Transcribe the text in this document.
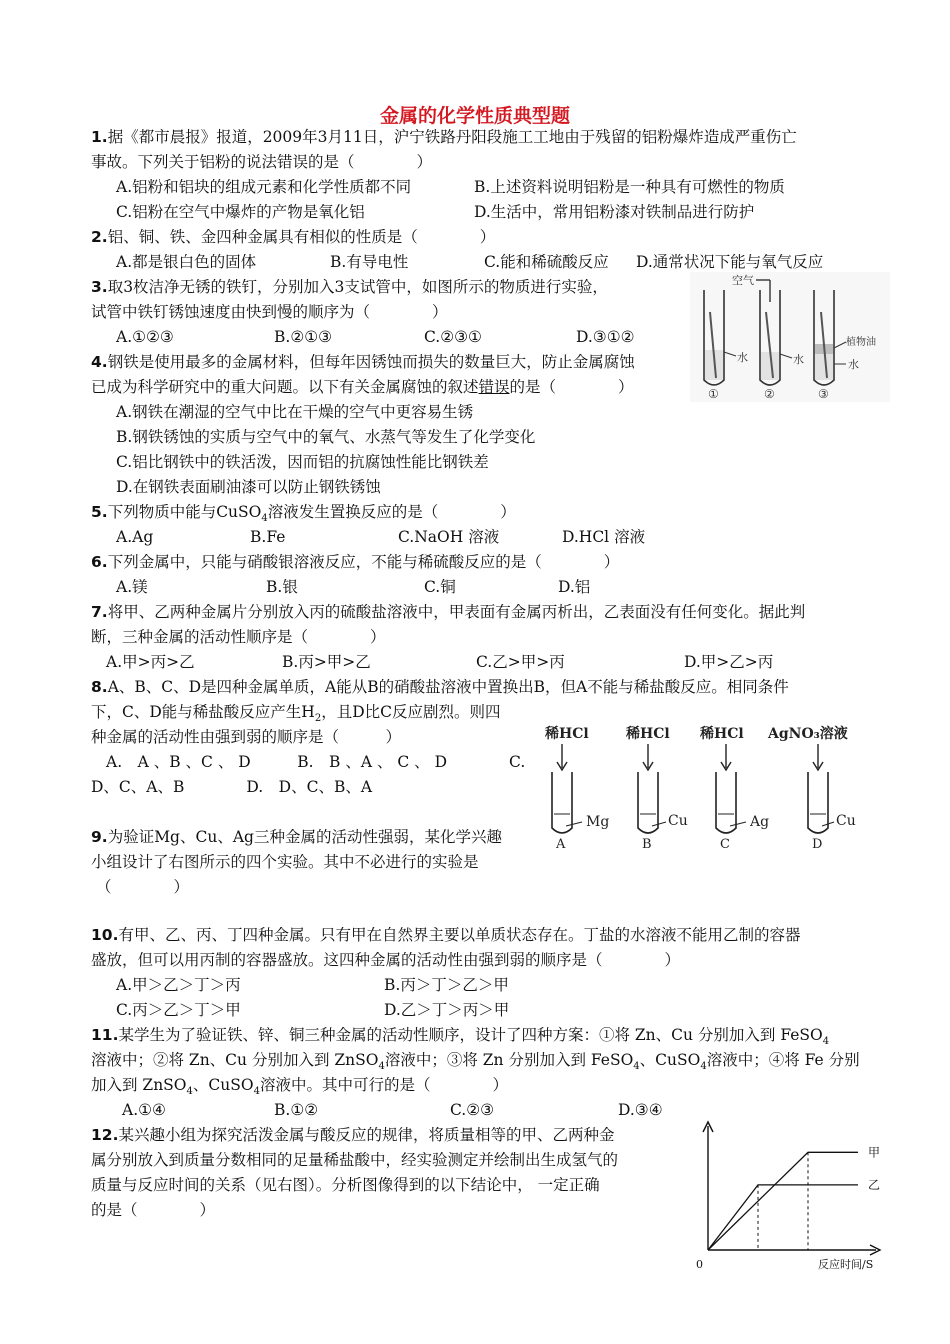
金属的化学性质典型题
1.据《都市晨报》报道，2009年3月11日，沪宁铁路丹阳段施工工地由于残留的铝粉爆炸造成严重伤亡
事故。下列关于铝粉的说法错误的是（　　　　）
A.铝粉和铝块的组成元素和化学性质都不同	B.上述资料说明铝粉是一种具有可燃性的物质
C.铝粉在空气中爆炸的产物是氧化铝	D.生活中，常用铝粉漆对铁制品进行防护
2.铝、铜、铁、金四种金属具有相似的性质是（　　　　）
A.都是银白色的固体	B.有导电性	C.能和稀硫酸反应 D.通常状况下能与氧气反应
3.取3枚洁净无锈的铁钉，分别加入3支试管中，如图所示的物质进行实验，
试管中铁钉锈蚀速度由快到慢的顺序为（　　　　）
A.①②③	B.②①③	C.②③①	D.③①②
空气
水	水
植物油
水
①	②	③
4.钢铁是使用最多的金属材料，但每年因锈蚀而损失的数量巨大，防止金属腐蚀
已成为科学研究中的重大问题。以下有关金属腐蚀的叙述错误的是（　　　　）
A.钢铁在潮湿的空气中比在干燥的空气中更容易生锈
B.钢铁锈蚀的实质与空气中的氧气、水蒸气等发生了化学变化
C.铝比钢铁中的铁活泼，因而铝的抗腐蚀性能比钢铁差
D.在钢铁表面刷油漆可以防止钢铁锈蚀
5.下列物质中能与CuSO$_4$溶液发生置换反应的是（　　　　）
A.Ag	B.Fe	C.NaOH 溶液	D.HCl 溶液
6.下列金属中，只能与硝酸银溶液反应，不能与稀硫酸反应的是（　　　　）
A.镁	B.银	C.铜	D.铝
7.将甲、乙两种金属片分别放入丙的硫酸盐溶液中，甲表面有金属丙析出，乙表面没有任何变化。据此判
断，三种金属的活动性顺序是（　　　　）
A.甲>丙>乙	B.丙>甲>乙	C.乙>甲>丙	D.甲>乙>丙
8.A、B、C、D是四种金属单质，A能从B的硝酸盐溶液中置换出B，但A不能与稀盐酸反应。相同条件
下，C、D能与稀盐酸反应产生$H_2$，且D比C反应剧烈。则四
种金属的活动性由强到弱的顺序是（　　　）
A.　A 、B 、C 、 D　　　B.　B 、A 、 C 、 D　　　　C.
D、C、A、B　　　　D.　D、C、B、A
9.为验证Mg、Cu、Ag三种金属的活动性强弱，某化学兴趣
小组设计了右图所示的四个实验。其中不必进行的实验是
（　　　　）
稀HCl
Mg
A
稀HCl
Cu
B
稀HCl
Ag
C
AgNO₃溶液
Cu
D
10.有甲、乙、丙、丁四种金属。只有甲在自然界主要以单质状态存在。丁盐的水溶液不能用乙制的容器
盛放，但可以用丙制的容器盛放。这四种金属的活动性由强到弱的顺序是（　　　　）
A.甲＞乙＞丁＞丙	B.丙＞丁＞乙＞甲
C.丙＞乙＞丁＞甲	D.乙＞丁＞丙＞甲
11.某学生为了验证铁、锌、铜三种金属的活动性顺序，设计了四种方案：①将 Zn、Cu 分别加入到 FeSO$_4$
溶液中；②将 Zn、Cu 分别加入到 ZnSO$_4$溶液中；③将 Zn 分别加入到 FeSO$_4$、CuSO$_4$溶液中；④将 Fe 分别
加入到 ZnSO$_4$、CuSO$_4$溶液中。其中可行的是（　　　　）
A.①④	B.①②	C.②③	D.③④
12.某兴趣小组为探究活泼金属与酸反应的规律，将质量相等的甲、乙两种金
属分别放入到质量分数相同的足量稀盐酸中，经实验测定并绘制出生成氢气的
质量与反应时间的关系（见右图）。分析图像得到的以下结论中， 一定正确
的是（　　　　）
甲
乙
0	反应时间/S
